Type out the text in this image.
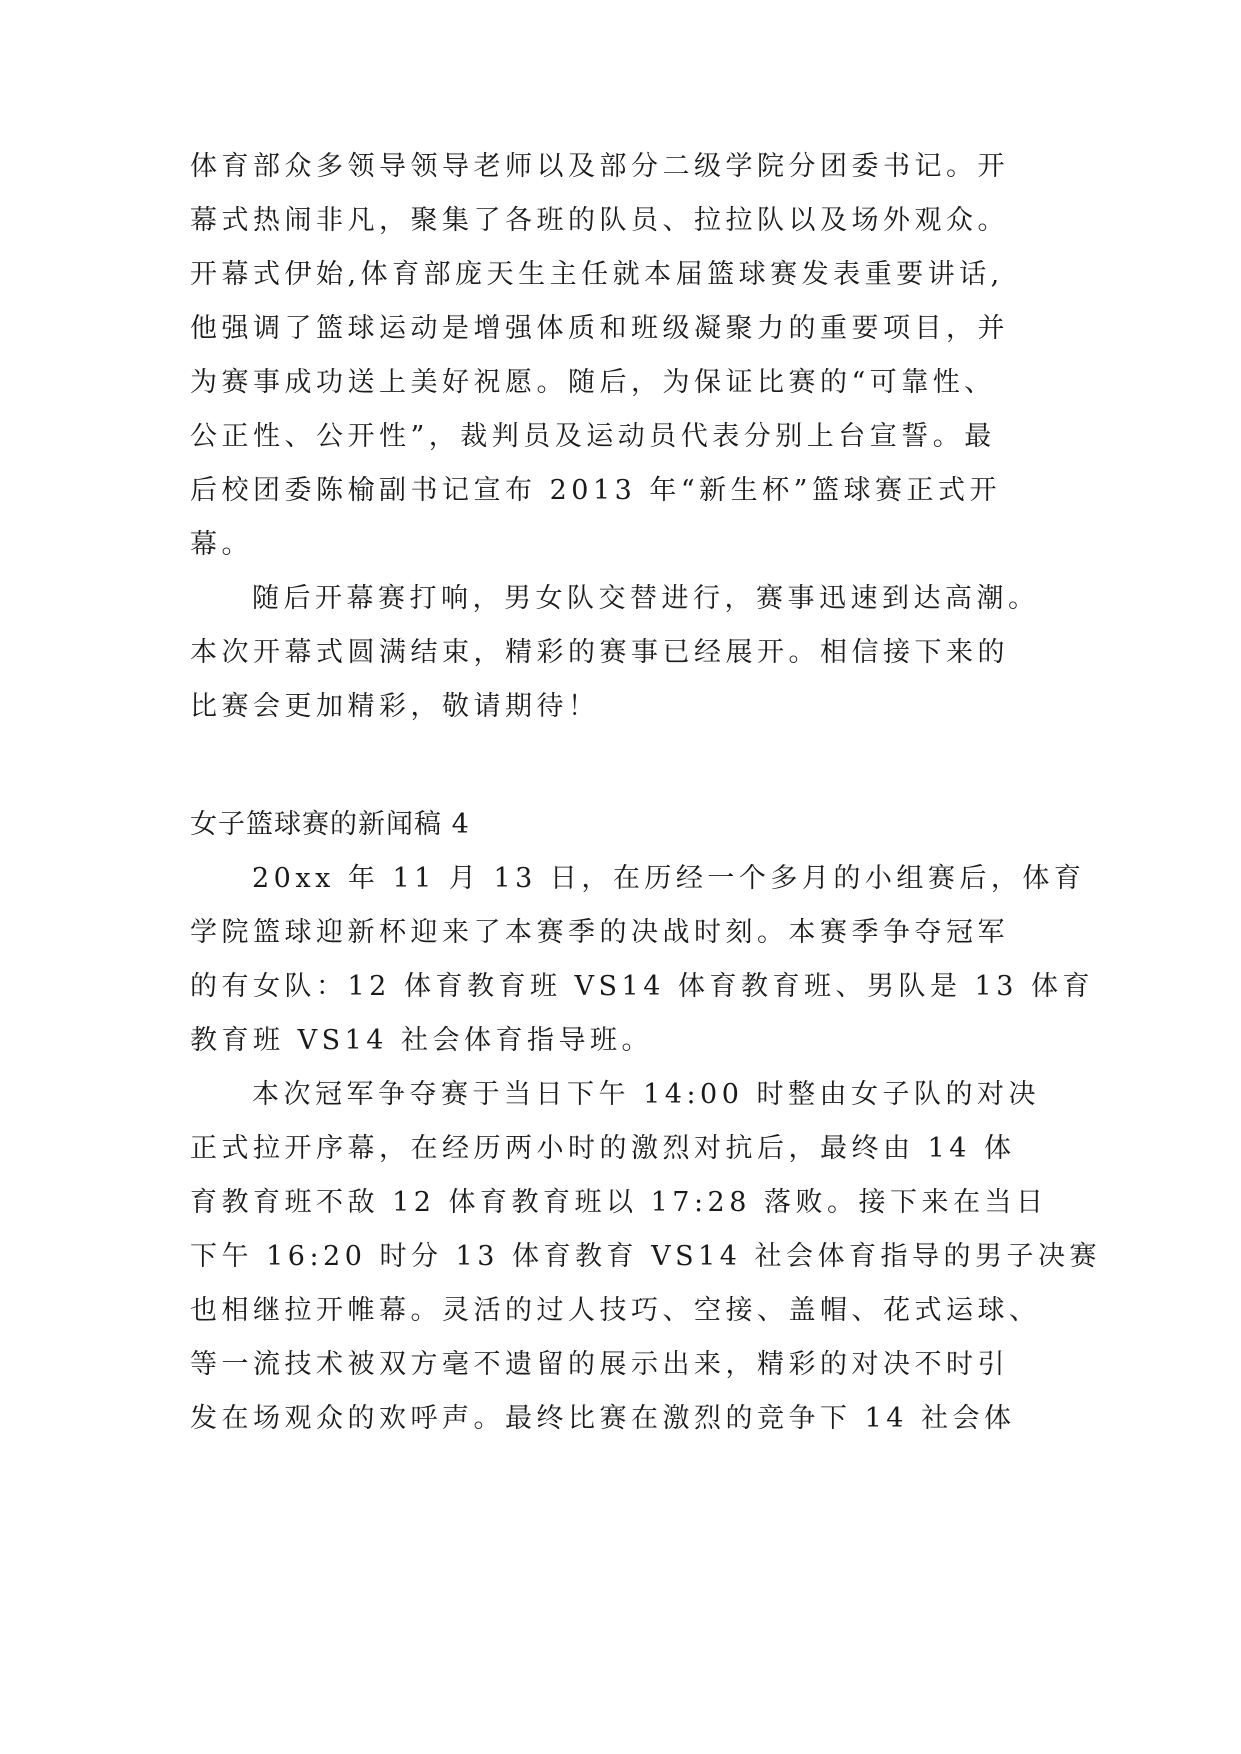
体育部众多领导领导老师以及部分二级学院分团委书记。开
幕式热闹非凡，聚集了各班的队员、拉拉队以及场外观众。
开幕式伊始,体育部庞天生主任就本届篮球赛发表重要讲话,
他强调了篮球运动是增强体质和班级凝聚力的重要项目，并
为赛事成功送上美好祝愿。随后，为保证比赛的“可靠性、
公正性、公开性”，裁判员及运动员代表分别上台宣誓。最
后校团委陈榆副书记宣布 2013 年“新生杯”篮球赛正式开
幕。
随后开幕赛打响，男女队交替进行，赛事迅速到达高潮。
本次开幕式圆满结束，精彩的赛事已经展开。相信接下来的
比赛会更加精彩，敬请期待！
女子篮球赛的新闻稿 4
20xx 年 11 月 13 日，在历经一个多月的小组赛后，体育
学院篮球迎新杯迎来了本赛季的决战时刻。本赛季争夺冠军
的有女队：12 体育教育班 VS14 体育教育班、男队是 13 体育
教育班 VS14 社会体育指导班。
本次冠军争夺赛于当日下午 14:00 时整由女子队的对决
正式拉开序幕，在经历两小时的激烈对抗后，最终由 14 体
育教育班不敌 12 体育教育班以 17:28 落败。接下来在当日
下午 16:20 时分 13 体育教育 VS14 社会体育指导的男子决赛
也相继拉开帷幕。灵活的过人技巧、空接、盖帽、花式运球、
等一流技术被双方毫不遗留的展示出来，精彩的对决不时引
发在场观众的欢呼声。最终比赛在激烈的竞争下 14 社会体
